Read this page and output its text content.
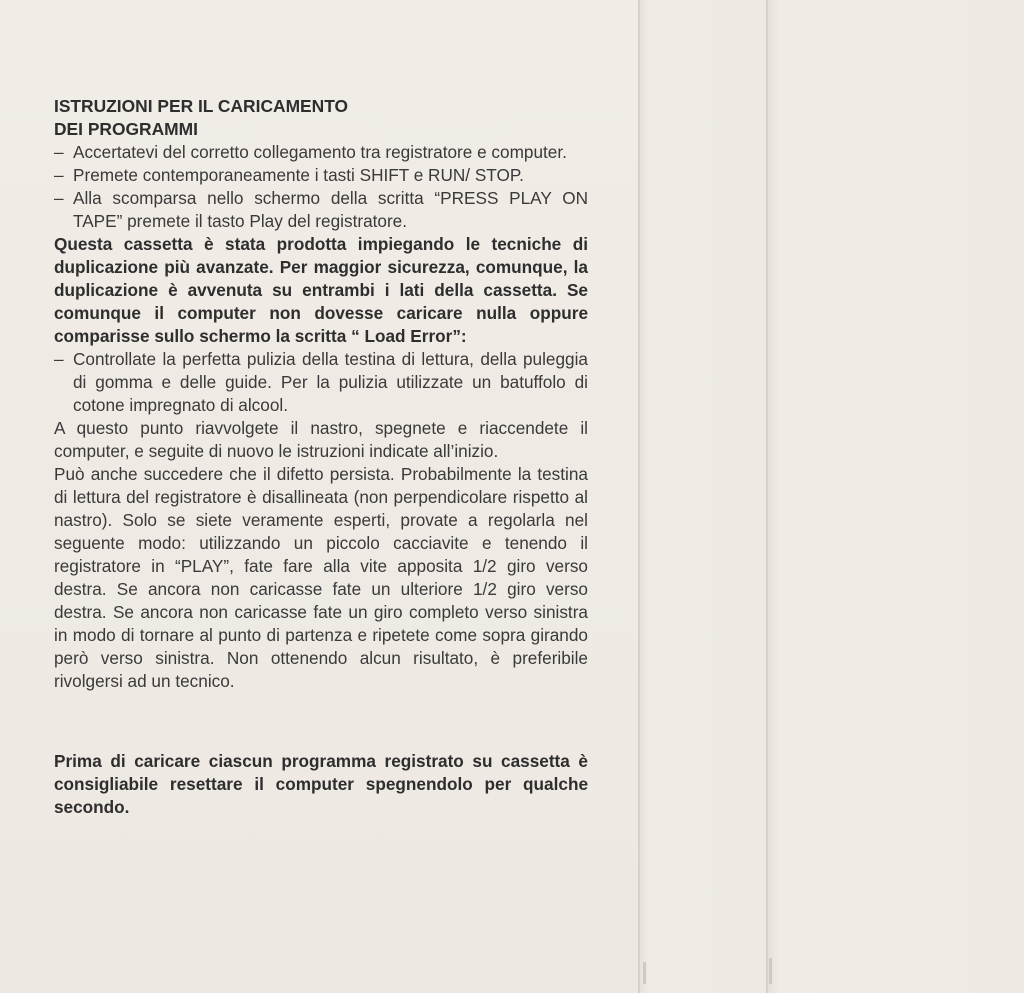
ISTRUZIONI PER IL CARICAMENTO
DEI PROGRAMMI
– Accertatevi del corretto collegamento tra registratore e computer.
– Premete contemporaneamente i tasti SHIFT e RUN/ STOP.
– Alla scomparsa nello schermo della scritta “PRESS PLAY ON TAPE” premete il tasto Play del registratore.
Questa cassetta è stata prodotta impiegando le tecniche di duplicazione più avanzate. Per maggior sicurezza, comunque, la duplicazione è avvenuta su entrambi i lati della cassetta. Se comunque il computer non dovesse caricare nulla oppure comparisse sullo schermo la scritta “ Load Error”:
– Controllate la perfetta pulizia della testina di lettura, della puleggia di gomma e delle guide. Per la pulizia utilizzate un batuffolo di cotone impregnato di alcool.
A questo punto riavvolgete il nastro, spegnete e riaccendete il computer, e seguite di nuovo le istruzioni indicate all’inizio.
Può anche succedere che il difetto persista. Probabilmente la testina di lettura del registratore è disallineata (non perpendicolare rispetto al nastro). Solo se siete veramente esperti, provate a regolarla nel seguente modo: utilizzando un piccolo cacciavite e tenendo il registratore in “PLAY”, fate fare alla vite apposita 1/2 giro verso destra. Se ancora non caricasse fate un ulteriore 1/2 giro verso destra. Se ancora non caricasse fate un giro completo verso sinistra in modo di tornare al punto di partenza e ripetete come sopra girando però verso sinistra. Non ottenendo alcun risultato, è preferibile rivolgersi ad un tecnico.
Prima di caricare ciascun programma registrato su cassetta è consigliabile resettare il computer spegnendolo per qualche secondo.
